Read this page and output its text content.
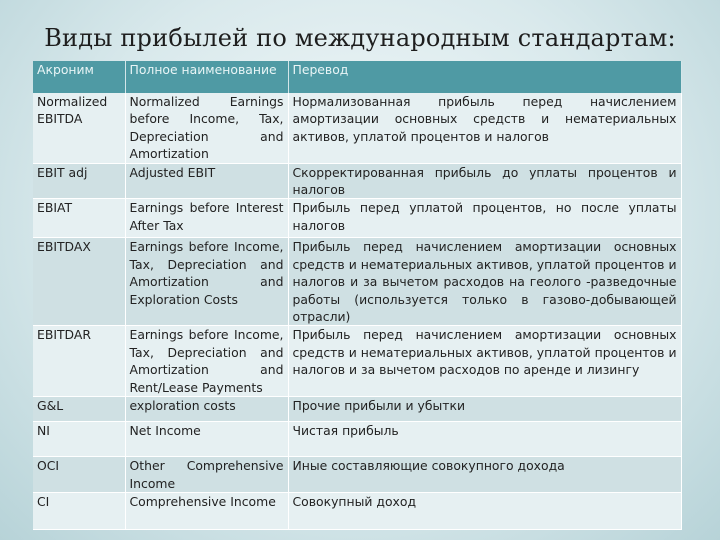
Виды прибылей по международным стандартам:
Акроним	Полное наименование	Перевод
Normalized EBITDA	Normalized Earnings before Income, Tax, Depreciation and Amortization	Нормализованная прибыль перед начислением амортизации основных средств и нематериальных активов, уплатой процентов и налогов
EBIT adj	Adjusted EBIT	Скорректированная прибыль до уплаты процентов и налогов
EBIAT	Earnings before Interest After Tax	Прибыль перед уплатой процентов, но после уплаты налогов
EBITDAX	Earnings before Income, Tax, Depreciation and Amortization and Exploration Costs	Прибыль перед начислением амортизации основных средств и нематериальных активов, уплатой процентов и налогов и за вычетом расходов на геолого -разведочные работы (используется только в газово-добывающей отрасли)
EBITDAR	Earnings before Income, Tax, Depreciation and Amortization and Rent/Lease Payments	Прибыль перед начислением амортизации основных средств и нематериальных активов, уплатой процентов и налогов и за вычетом расходов по аренде и лизингу
G&L	exploration costs	Прочие прибыли и убытки
NI	Net Income	Чистая прибыль
OCI	Other Comprehensive Income	Иные составляющие совокупного дохода
CI	Comprehensive Income	Совокупный доход
